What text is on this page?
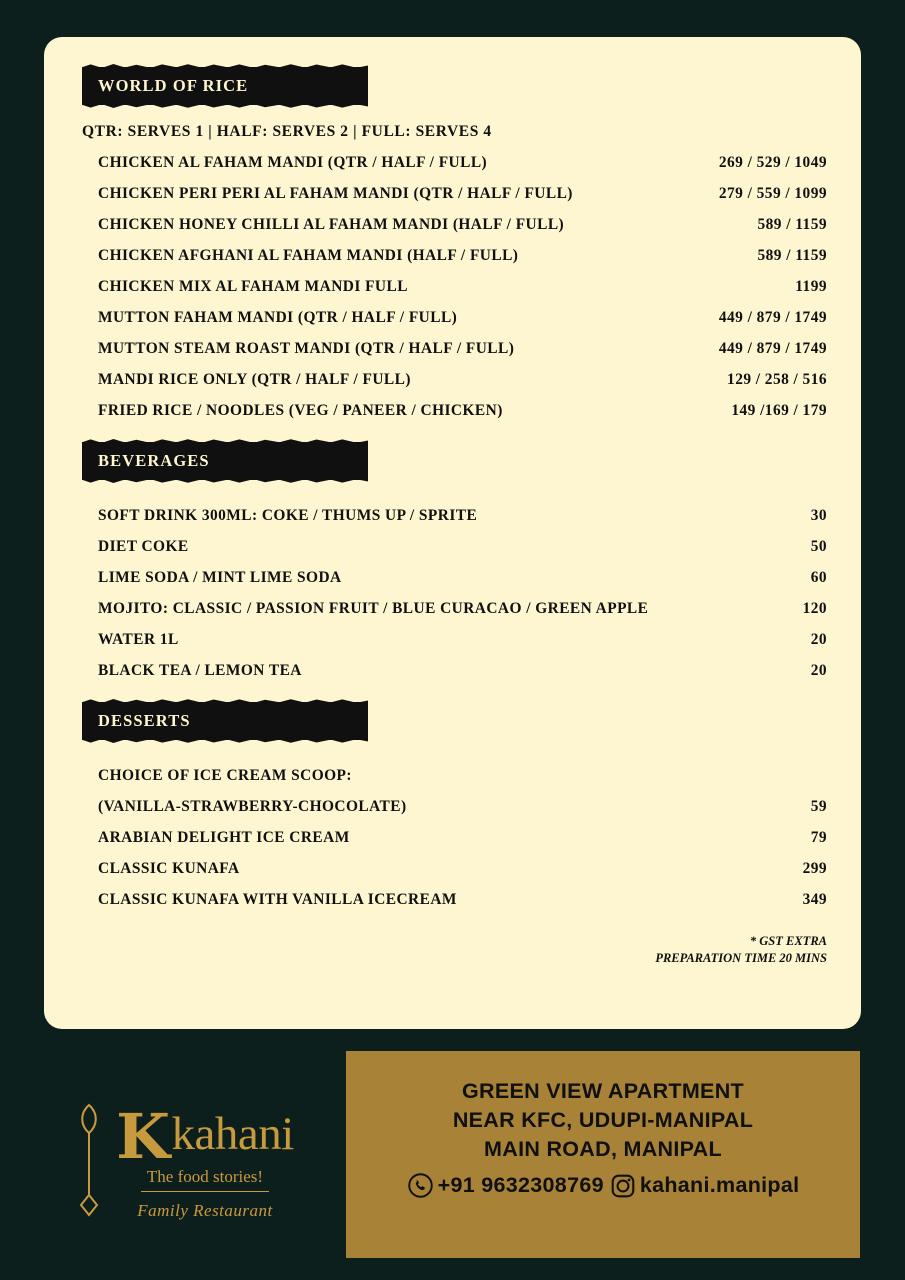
WORLD OF RICE
QTR: SERVES 1 | HALF: SERVES 2 | FULL: SERVES 4
CHICKEN AL FAHAM MANDI (QTR / HALF / FULL)	269 / 529 / 1049
CHICKEN PERI PERI AL FAHAM MANDI (QTR / HALF / FULL)	279 / 559 / 1099
CHICKEN HONEY CHILLI AL FAHAM MANDI (HALF / FULL)	589 / 1159
CHICKEN AFGHANI AL FAHAM MANDI (HALF / FULL)	589 / 1159
CHICKEN MIX AL FAHAM MANDI FULL	1199
MUTTON FAHAM MANDI (QTR / HALF / FULL)	449 / 879 / 1749
MUTTON STEAM ROAST MANDI (QTR / HALF / FULL)	449 / 879 / 1749
MANDI RICE ONLY (QTR / HALF / FULL)	129 / 258 / 516
FRIED RICE / NOODLES (VEG / PANEER / CHICKEN)	149 /169 / 179
BEVERAGES
SOFT DRINK 300ML: COKE / THUMS UP / SPRITE	30
DIET COKE	50
LIME SODA / MINT LIME SODA	60
MOJITO: CLASSIC / PASSION FRUIT / BLUE CURACAO / GREEN APPLE	120
WATER 1L	20
BLACK TEA / LEMON TEA	20
DESSERTS
CHOICE OF ICE CREAM SCOOP:
(VANILLA-STRAWBERRY-CHOCOLATE)	59
ARABIAN DELIGHT ICE CREAM	79
CLASSIC KUNAFA	299
CLASSIC KUNAFA WITH VANILLA ICECREAM	349
* GST EXTRA
PREPARATION TIME 20 MINS
K kahani
The food stories!
Family Restaurant
GREEN VIEW APARTMENT
NEAR KFC, UDUPI-MANIPAL
MAIN ROAD, MANIPAL
+91 9632308769 kahani.manipal
